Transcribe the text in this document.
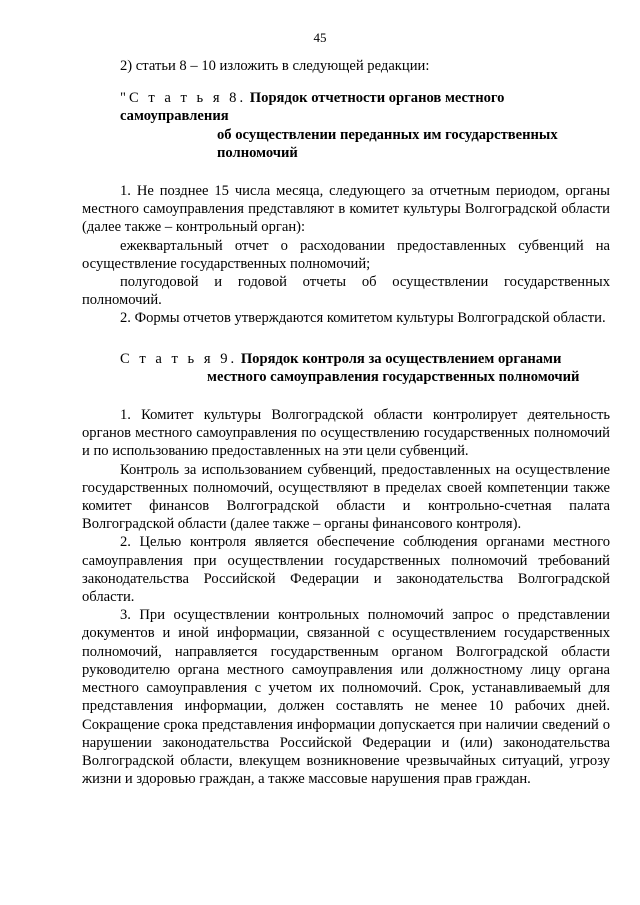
45

2) статьи 8 – 10 изложить в следующей редакции:

"С т а т ь я 8. Порядок отчетности органов местного самоуправления
об осуществлении переданных им государственных
полномочий

1. Не позднее 15 числа месяца, следующего за отчетным периодом, органы местного самоуправления представляют в комитет культуры Волгоградской области (далее также – контрольный орган):

ежеквартальный отчет о расходовании предоставленных субвенций на осуществление государственных полномочий;

полугодовой и годовой отчеты об осуществлении государственных полномочий.

2. Формы отчетов утверждаются комитетом культуры Волгоградской области.

С т а т ь я 9. Порядок контроля за осуществлением органами
местного самоуправления государственных полномочий

1. Комитет культуры Волгоградской области контролирует деятельность органов местного самоуправления по осуществлению государственных полномочий и по использованию предоставленных на эти цели субвенций.

Контроль за использованием субвенций, предоставленных на осуществление государственных полномочий, осуществляют в пределах своей компетенции также комитет финансов Волгоградской области и контрольно-счетная палата Волгоградской области (далее также – органы финансового контроля).

2. Целью контроля является обеспечение соблюдения органами местного самоуправления при осуществлении государственных полномочий требований законодательства Российской Федерации и законодательства Волгоградской области.

3. При осуществлении контрольных полномочий запрос о представлении документов и иной информации, связанной с осуществлением государственных полномочий, направляется государственным органом Волгоградской области руководителю органа местного самоуправления или должностному лицу органа местного самоуправления с учетом их полномочий. Срок, устанавливаемый для представления информации, должен составлять не менее 10 рабочих дней. Сокращение срока представления информации допускается при наличии сведений о нарушении законодательства Российской Федерации и (или) законодательства Волгоградской области, влекущем возникновение чрезвычайных ситуаций, угрозу жизни и здоровью граждан, а также массовые нарушения прав граждан.
